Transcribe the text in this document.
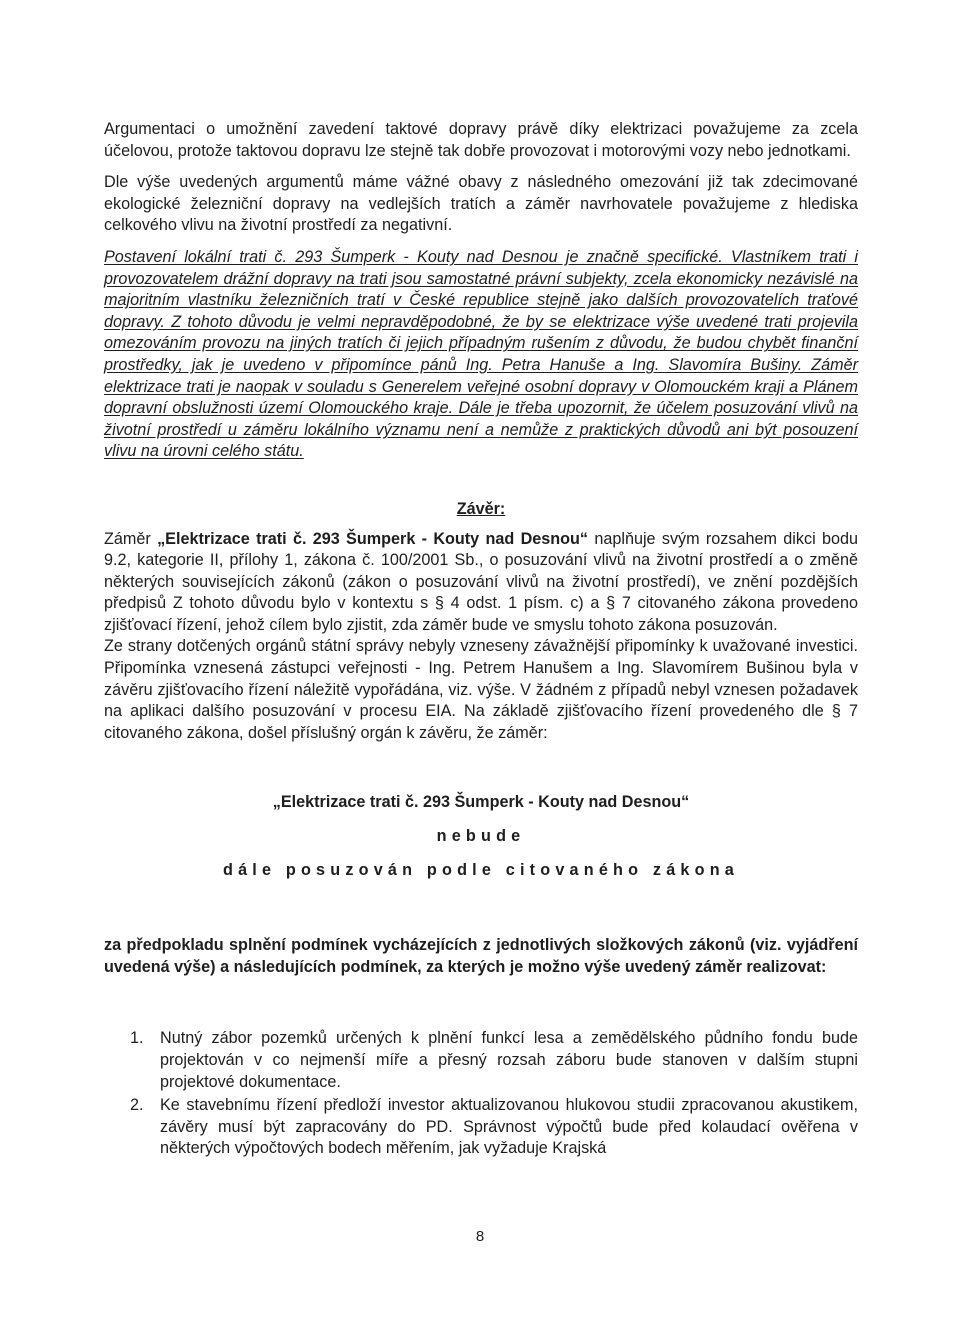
Argumentaci o umožnění zavedení taktové dopravy právě díky elektrizaci považujeme za zcela účelovou, protože taktovou dopravu lze stejně tak dobře provozovat i motorovými vozy nebo jednotkami.

Dle výše uvedených argumentů máme vážné obavy z následného omezování již tak zdecimované ekologické železniční dopravy na vedlejších tratích a záměr navrhovatele považujeme z hlediska celkového vlivu na životní prostředí za negativní.

Postavení lokální trati č. 293 Šumperk - Kouty nad Desnou je značně specifické. Vlastníkem trati i provozovatelem drážní dopravy na trati jsou samostatné právní subjekty, zcela ekonomicky nezávislé na majoritním vlastníku železničních tratí v České republice stejně jako dalších provozovatelích traťové dopravy. Z tohoto důvodu je velmi nepravděpodobné, že by se elektrizace výše uvedené trati projevila omezováním provozu na jiných tratích či jejich případným rušením z důvodu, že budou chybět finanční prostředky, jak je uvedeno v připomínce pánů Ing. Petra Hanuše a Ing. Slavomíra Bušiny. Záměr elektrizace trati je naopak v souladu s Generelem veřejné osobní dopravy v Olomouckém kraji a Plánem dopravní obslužnosti území Olomouckého kraje. Dále je třeba upozornit, že účelem posuzování vlivů na životní prostředí u záměru lokálního významu není a nemůže z praktických důvodů ani být posouzení vlivu na úrovni celého státu.

Závěr:

Záměr „Elektrizace trati č. 293 Šumperk - Kouty nad Desnou“ naplňuje svým rozsahem dikci bodu 9.2, kategorie II, přílohy 1, zákona č. 100/2001 Sb., o posuzování vlivů na životní prostředí a o změně některých souvisejících zákonů (zákon o posuzování vlivů na životní prostředí), ve znění pozdějších předpisů Z tohoto důvodu bylo v kontextu s § 4 odst. 1 písm. c) a § 7 citovaného zákona provedeno zjišťovací řízení, jehož cílem bylo zjistit, zda záměr bude ve smyslu tohoto zákona posuzován.

Ze strany dotčených orgánů státní správy nebyly vzneseny závažnější připomínky k uvažované investici. Připomínka vznesená zástupci veřejnosti - Ing. Petrem Hanušem a Ing. Slavomírem Bušinou byla v závěru zjišťovacího řízení náležitě vypořádána, viz. výše. V žádném z případů nebyl vznesen požadavek na aplikaci dalšího posuzování v procesu EIA. Na základě zjišťovacího řízení provedeného dle § 7 citovaného zákona, došel příslušný orgán k závěru, že záměr:

„Elektrizace trati č. 293 Šumperk - Kouty nad Desnou“

nebude

dále posuzován podle citovaného zákona

za předpokladu splnění podmínek vycházejících z jednotlivých složkových zákonů (viz. vyjádření uvedená výše) a následujících podmínek, za kterých je možno výše uvedený záměr realizovat:

1. Nutný zábor pozemků určených k plnění funkcí lesa a zemědělského půdního fondu bude projektován v co nejmenší míře a přesný rozsah záboru bude stanoven v dalším stupni projektové dokumentace.
2. Ke stavebnímu řízení předloží investor aktualizovanou hlukovou studii zpracovanou akustikem, závěry musí být zapracovány do PD. Správnost výpočtů bude před kolaudací ověřena v některých výpočtových bodech měřením, jak vyžaduje Krajská
8
